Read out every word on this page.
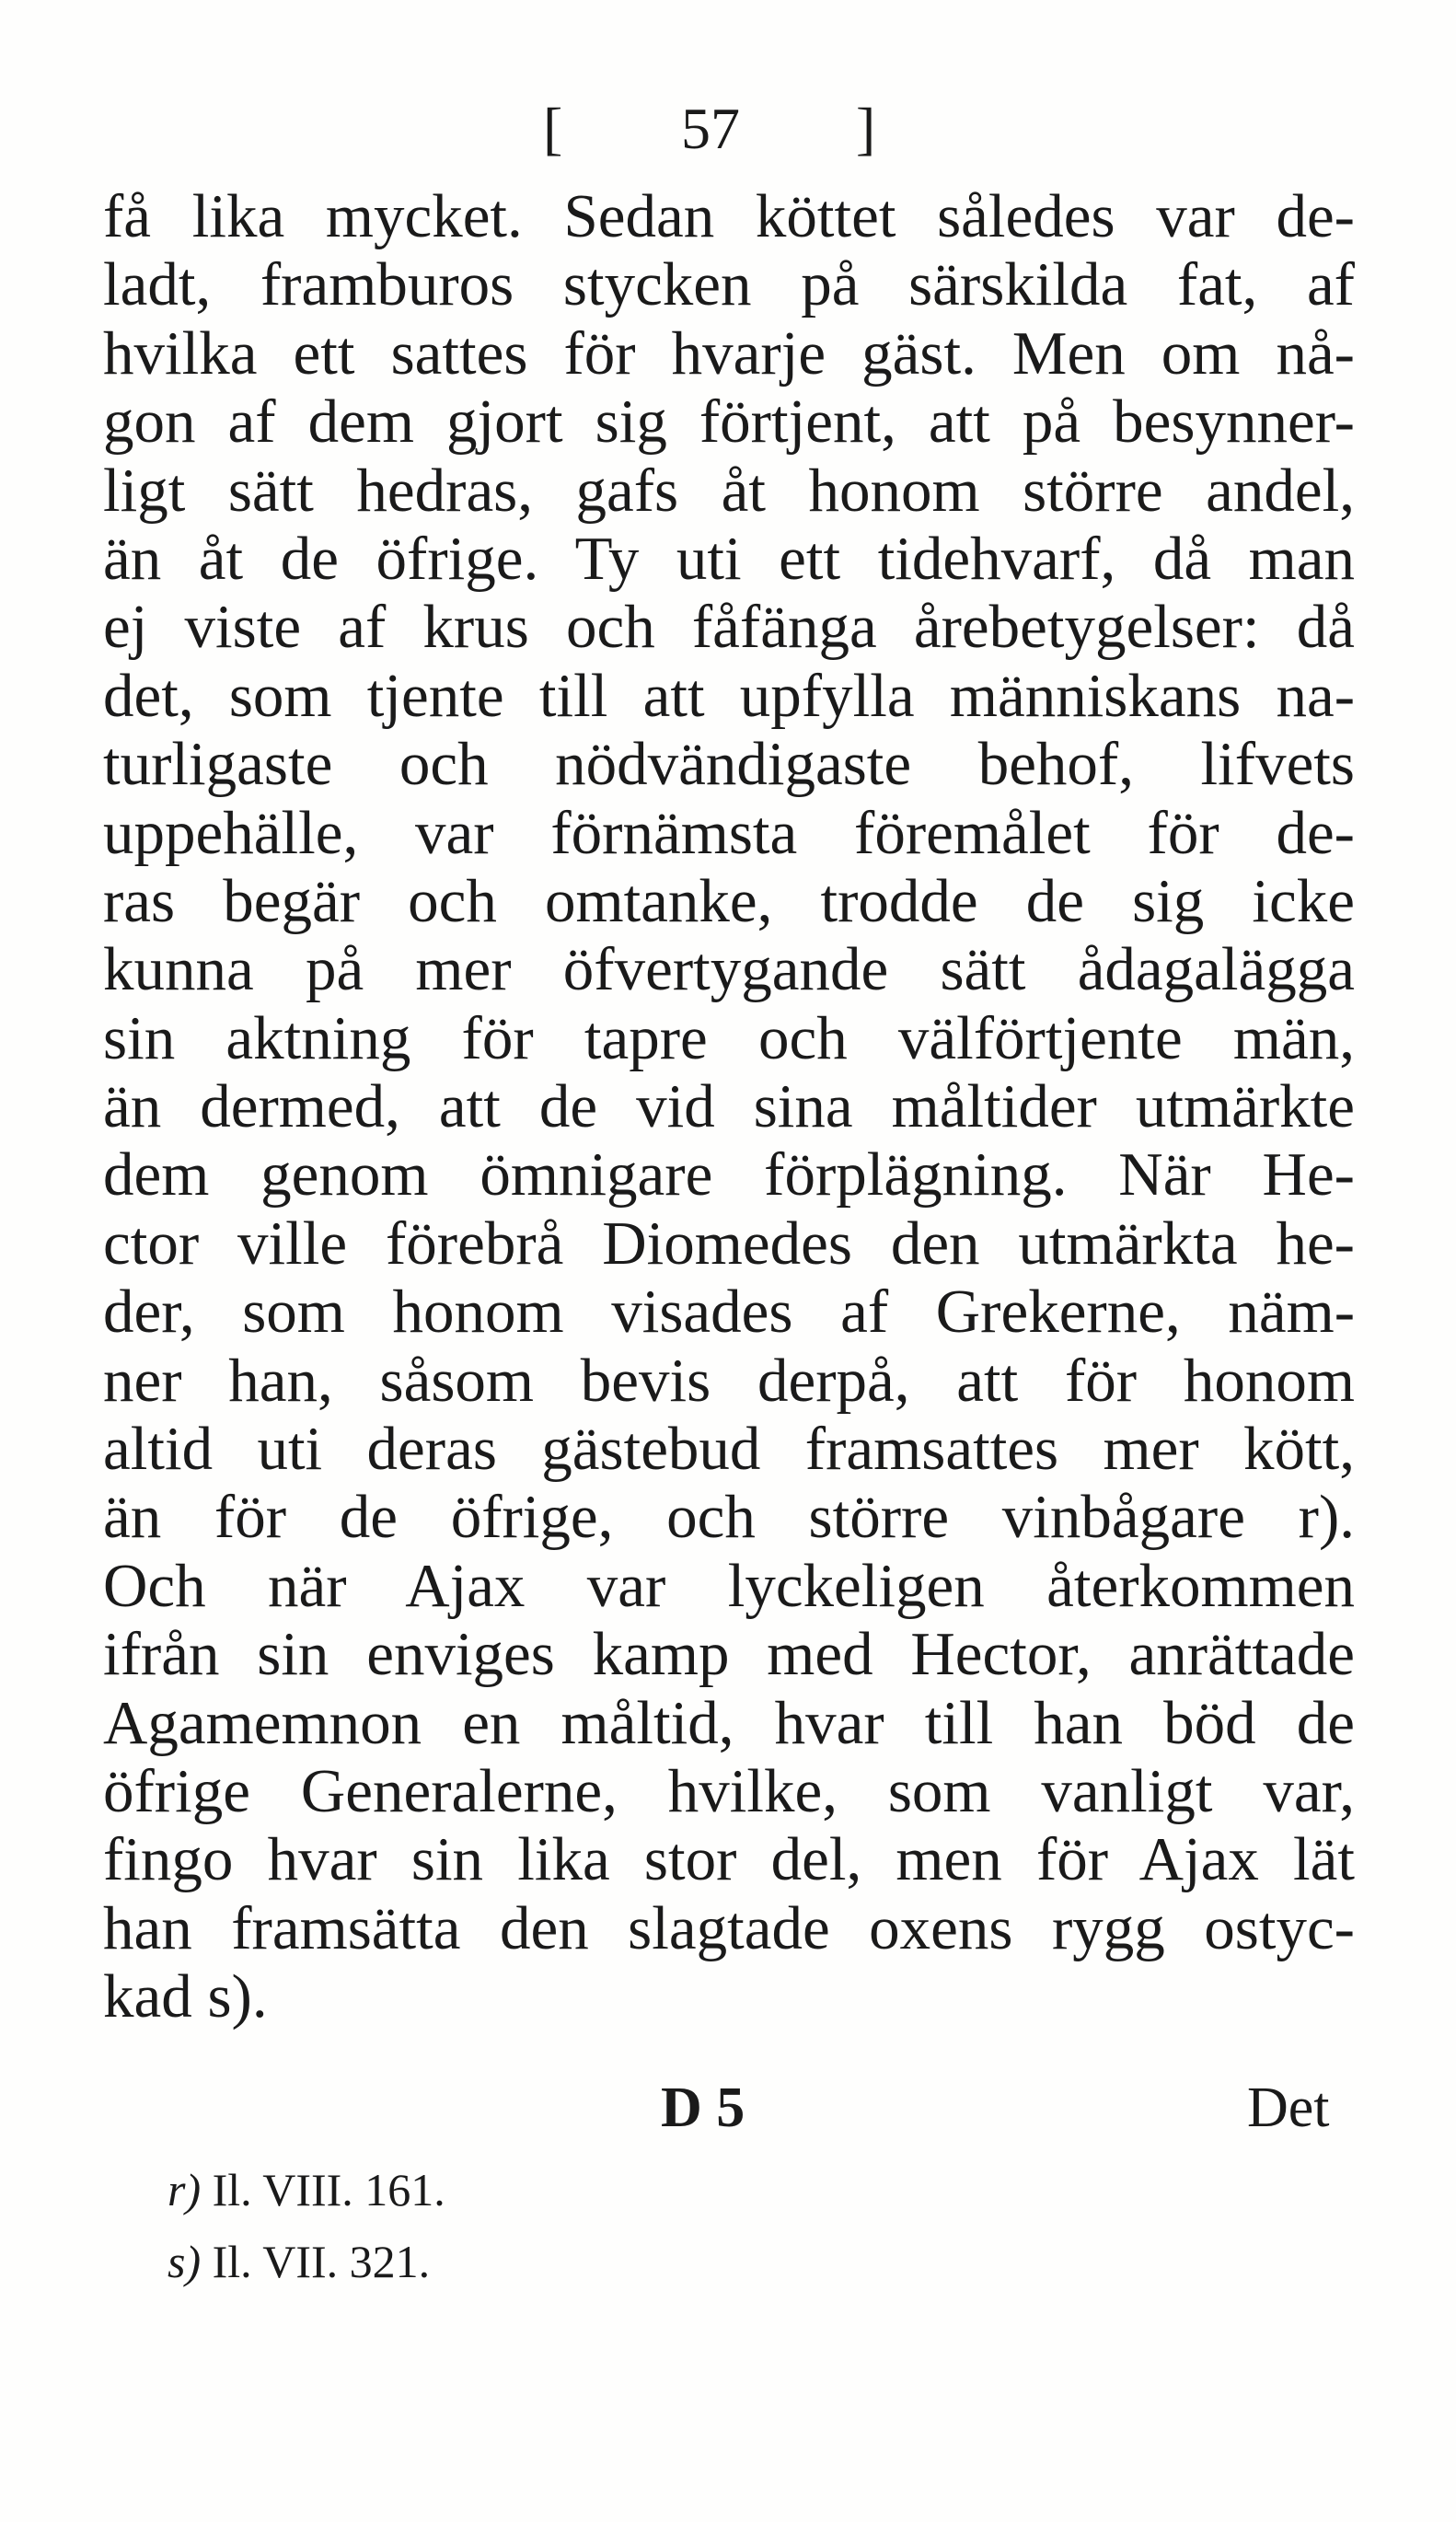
[ 57 ]
få lika mycket. Sedan köttet således var de-
ladt, framburos stycken på särskilda fat, af
hvilka ett sattes för hvarje gäst. Men om nå-
gon af dem gjort sig förtjent, att på besynner-
ligt sätt hedras, gafs åt honom större andel,
än åt de öfrige. Ty uti ett tidehvarf, då man
ej viste af krus och fåfänga årebetygelser: då
det, som tjente till att upfylla människans na-
turligaste och nödvändigaste behof, lifvets
uppehälle, var förnämsta föremålet för de-
ras begär och omtanke, trodde de sig icke
kunna på mer öfvertygande sätt ådagalägga
sin aktning för tapre och välförtjente män,
än dermed, att de vid sina måltider utmärkte
dem genom ömnigare förplägning. När He-
ctor ville förebrå Diomedes den utmärkta he-
der, som honom visades af Grekerne, näm-
ner han, såsom bevis derpå, att för honom
altid uti deras gästebud framsattes mer kött,
än för de öfrige, och större vinbågare r).
Och när Ajax var lyckeligen återkommen
ifrån sin enviges kamp med Hector, anrättade
Agamemnon en måltid, hvar till han böd de
öfrige Generalerne, hvilke, som vanligt var,
fingo hvar sin lika stor del, men för Ajax lät
han framsätta den slagtade oxens rygg ostyc-
kad s).
D 5	Det
r) Il. VIII. 161.
s) Il. VII. 321.
